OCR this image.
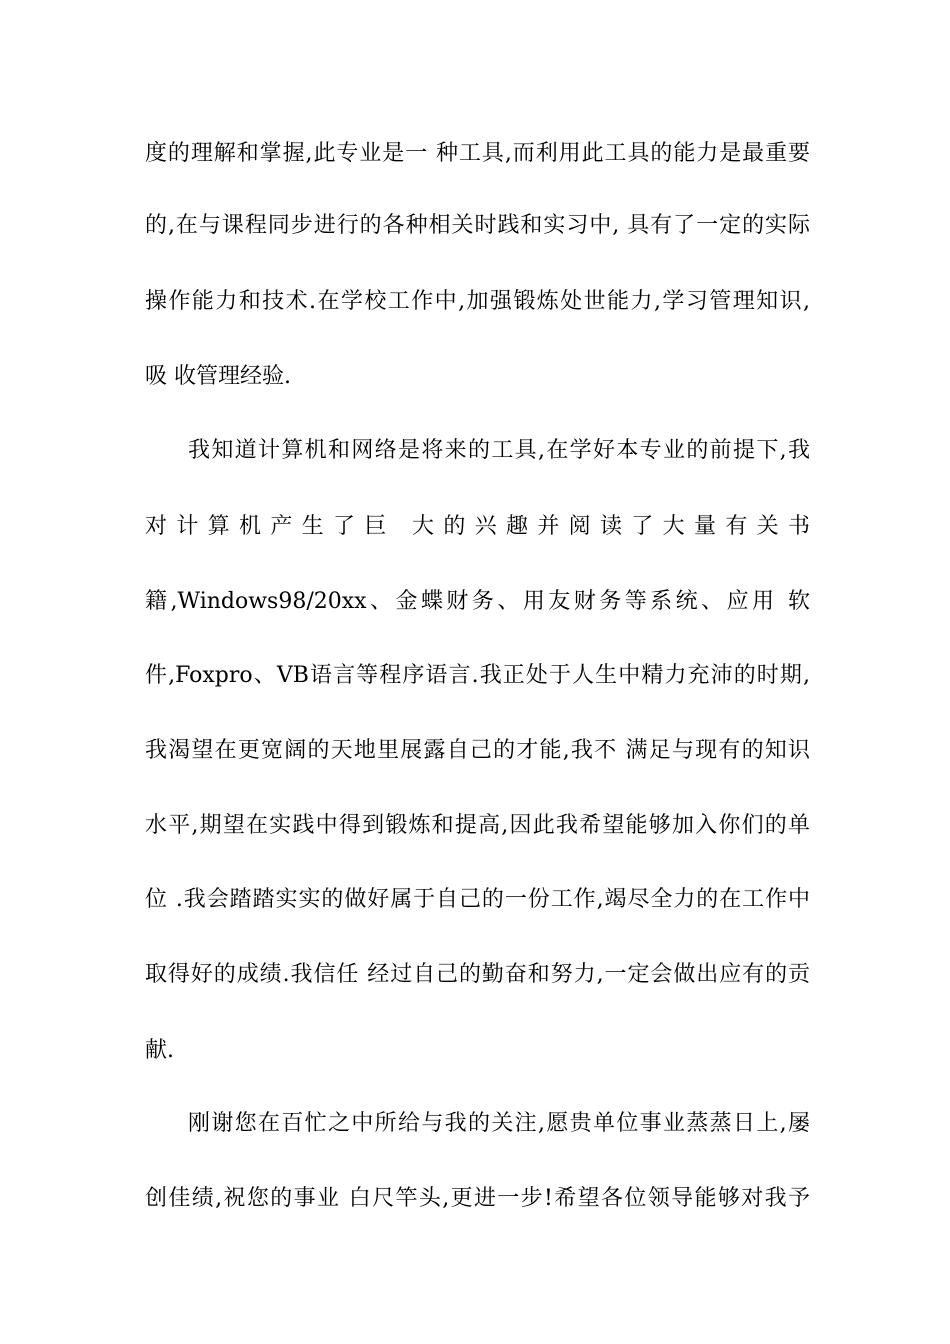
度的理解和掌握,此专业是一 种工具,而利用此工具的能力是最重要
的,在与课程同步进行的各种相关时践和实习中, 具有了一定的实际
操作能力和技术.在学校工作中,加强锻炼处世能力,学习管理知识,
吸 收管理经验.
我知道计算机和网络是将来的工具,在学好本专业的前提下,我
对计算机产生了巨 大的兴趣并阅读了大量有关书
籍,Windows98/20xx、金蝶财务、用友财务等系统、应用 软
件,Foxpro、VB语言等程序语言.我正处于人生中精力充沛的时期,
我渴望在更宽阔的天地里展露自己的才能,我不 满足与现有的知识
水平,期望在实践中得到锻炼和提高,因此我希望能够加入你们的单
位 .我会踏踏实实的做好属于自己的一份工作,竭尽全力的在工作中
取得好的成绩.我信任 经过自己的勤奋和努力,一定会做出应有的贡
献.
刚谢您在百忙之中所给与我的关注,愿贵单位事业蒸蒸日上,屡
创佳绩,祝您的事业 白尺竿头,更进一步!希望各位领导能够对我予
